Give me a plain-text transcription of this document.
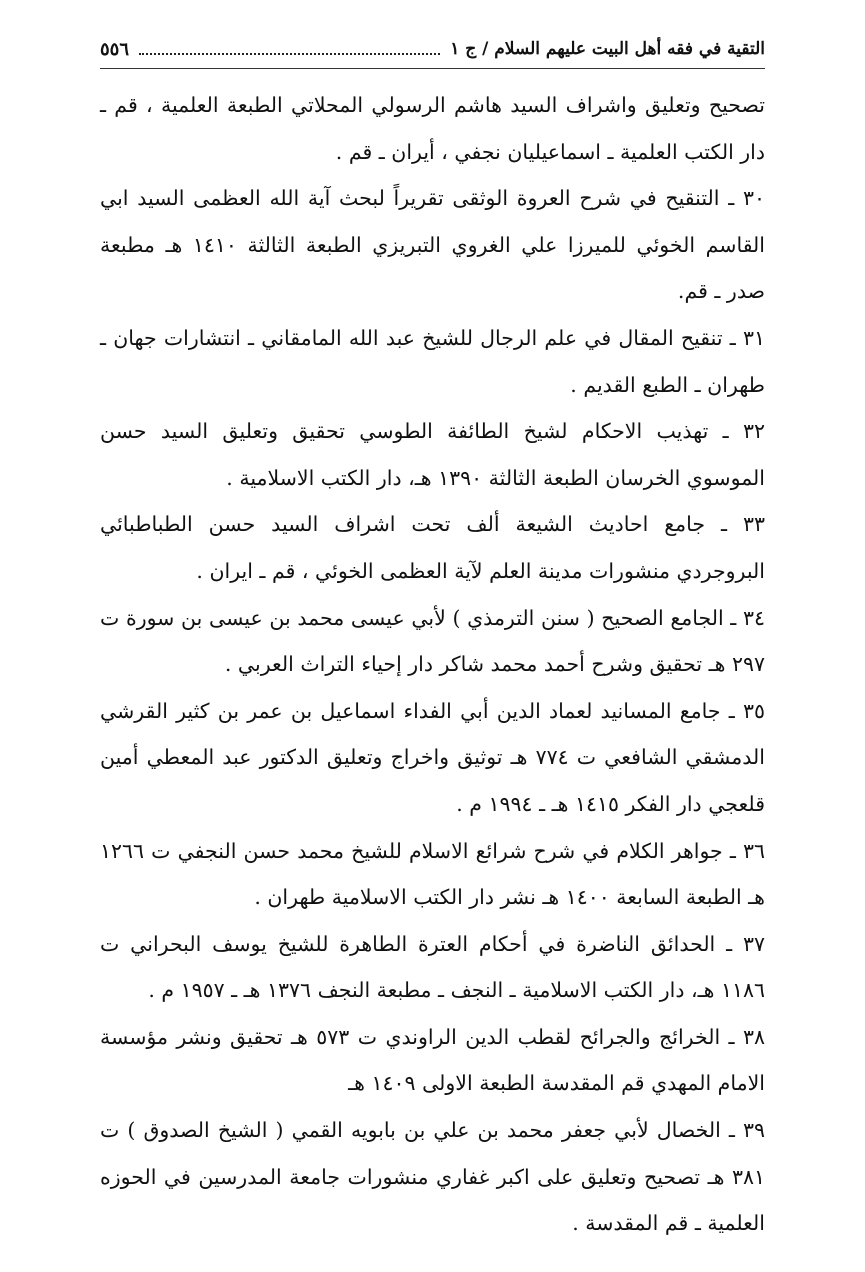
التقية في فقه أهل البيت عليهم السلام / ج ١
٥٥٦

تصحيح وتعليق واشراف السيد هاشم الرسولي المحلاتي الطبعة العلمية ، قم ـ دار الكتب العلمية ـ اسماعيليان نجفي ، أيران ـ قم .

٣٠ ـ التنقيح في شرح العروة الوثقى تقريراً لبحث آية الله العظمى السيد ابي القاسم الخوئي للميرزا علي الغروي التبريزي الطبعة الثالثة ١٤١٠ هـ مطبعة صدر ـ قم.

٣١ ـ تنقيح المقال في علم الرجال للشيخ عبد الله المامقاني ـ انتشارات جهان ـ طهران ـ الطبع القديم .

٣٢ ـ تهذيب الاحكام لشيخ الطائفة الطوسي تحقيق وتعليق السيد حسن الموسوي الخرسان الطبعة الثالثة ١٣٩٠ هـ، دار الكتب الاسلامية .

٣٣ ـ جامع احاديث الشيعة ألف تحت اشراف السيد حسن الطباطبائي البروجردي منشورات مدينة العلم لآية العظمى الخوئي ، قم ـ ايران .

٣٤ ـ الجامع الصحيح ( سنن الترمذي ) لأبي عيسى محمد بن عيسى بن سورة ت ٢٩٧ هـ تحقيق وشرح أحمد محمد شاكر دار إحياء التراث العربي .

٣٥ ـ جامع المسانيد لعماد الدين أبي الفداء اسماعيل بن عمر بن كثير القرشي الدمشقي الشافعي ت ٧٧٤ هـ توثيق واخراج وتعليق الدكتور عبد المعطي أمين قلعجي دار الفكر ١٤١٥ هـ ـ ١٩٩٤ م .

٣٦ ـ جواهر الكلام في شرح شرائع الاسلام للشيخ محمد حسن النجفي ت ١٢٦٦ هـ الطبعة السابعة ١٤٠٠ هـ نشر دار الكتب الاسلامية طهران .

٣٧ ـ الحدائق الناضرة في أحكام العترة الطاهرة للشيخ يوسف البحراني ت ١١٨٦ هـ، دار الكتب الاسلامية ـ النجف ـ مطبعة النجف ١٣٧٦ هـ ـ ١٩٥٧ م .

٣٨ ـ الخرائج والجرائح لقطب الدين الراوندي ت ٥٧٣ هـ تحقيق ونشر مؤسسة الامام المهدي قم المقدسة الطبعة الاولى ١٤٠٩ هـ

٣٩ ـ الخصال لأبي جعفر محمد بن علي بن بابويه القمي ( الشيخ الصدوق ) ت ٣٨١ هـ تصحيح وتعليق على اكبر غفاري منشورات جامعة المدرسين في الحوزه العلمية ـ قم المقدسة .
